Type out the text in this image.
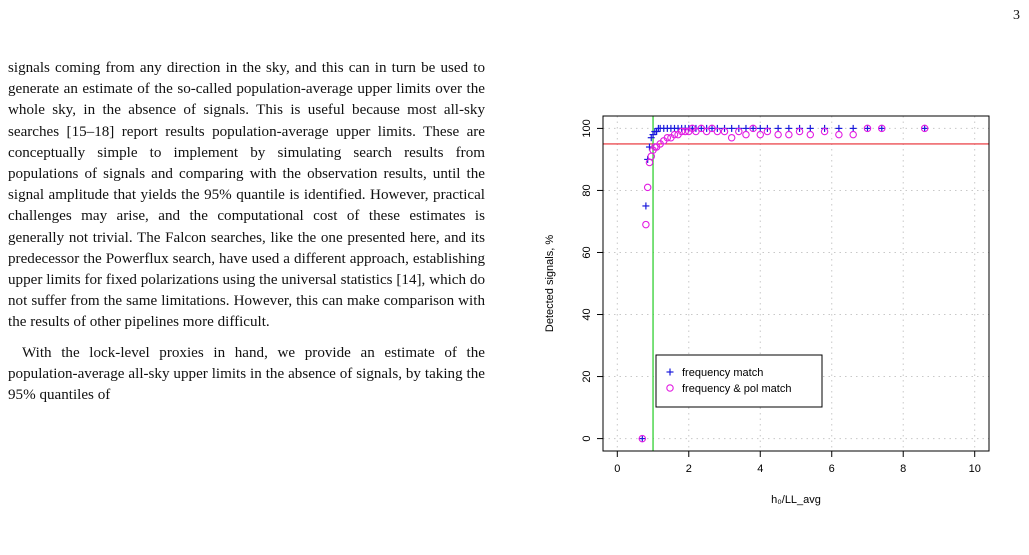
3

signals coming from any direction in the sky, and this can in turn be used to generate an estimate of the so-called population-average upper limits over the whole sky, in the absence of signals. This is useful because most all-sky searches [15–18] report results population-average upper limits. These are conceptually simple to implement by simulating search results from populations of signals and comparing with the observation results, until the signal amplitude that yields the 95% quantile is identified. However, practical challenges may arise, and the computational cost of these estimates is generally not trivial. The Falcon searches, like the one presented here, and its predecessor the Powerflux search, have used a different approach, establishing upper limits for fixed polarizations using the universal statistics [14], which do not suffer from the same limitations. However, this can make comparison with the results of other pipelines more difficult.

With the lock-level proxies in hand, we provide an estimate of the population-average all-sky upper limits in the absence of signals, by taking the 95% quantiles of

0	2	4	6	8	10
0
20
40
60
80
100
h₀/LL_avg
Detected signals, %
frequency match
frequency & pol match
